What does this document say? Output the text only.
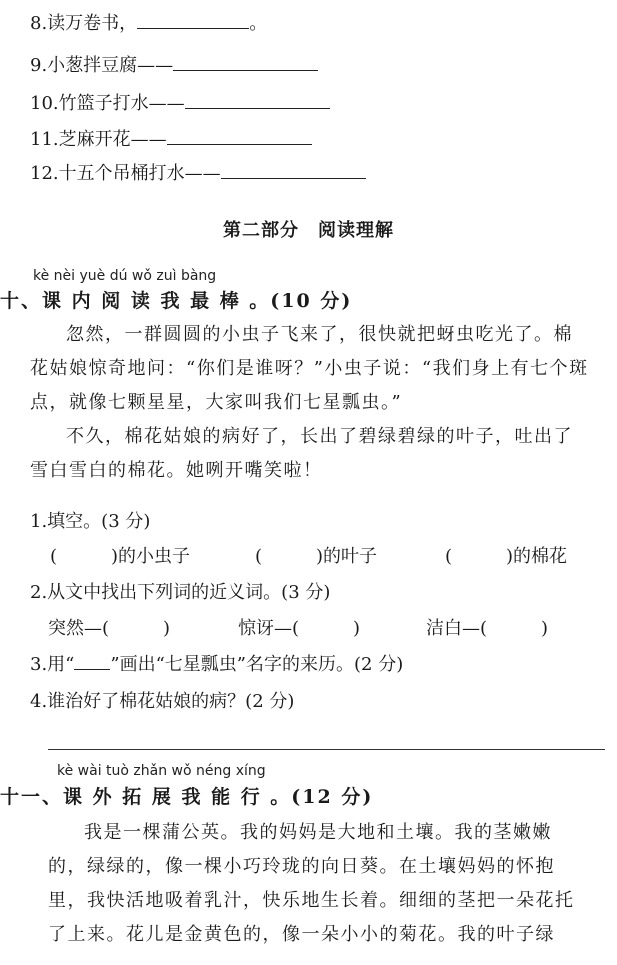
8.读万卷书，	。
9.小葱拌豆腐——
10.竹篮子打水——
11.芝麻开花——
12.十五个吊桶打水——
第二部分　阅读理解
kè nèi yuè dú wǒ zuì bàng
十、课 内 阅 读 我 最 棒 。(10 分)

忽然，一群圆圆的小虫子飞来了，很快就把蚜虫吃光了。棉

花姑娘惊奇地问：“你们是谁呀？”小虫子说：“我们身上有七个斑

点，就像七颗星星，大家叫我们七星瓢虫。”

不久，棉花姑娘的病好了，长出了碧绿碧绿的叶子，吐出了

雪白雪白的棉花。她咧开嘴笑啦！

1.填空。(3 分)
(　　　)的小虫子	(　　　)的叶子	(　　　)的棉花
2.从文中找出下列词的近义词。(3 分)
突然—(　　　)	惊讶—(　　　)	洁白—(　　　)
3.用“ ”画出“七星瓢虫”名字的来历。(2 分)
4.谁治好了棉花姑娘的病？(2 分)
kè wài tuò zhǎn wǒ néng xíng
十一、课 外 拓 展 我 能 行 。(12 分)

我是一棵蒲公英。我的妈妈是大地和土壤。我的茎嫩嫩

的，绿绿的，像一棵小巧玲珑的向日葵。在土壤妈妈的怀抱

里，我快活地吸着乳汁，快乐地生长着。细细的茎把一朵花托

了上来。花儿是金黄色的，像一朵小小的菊花。我的叶子绿
